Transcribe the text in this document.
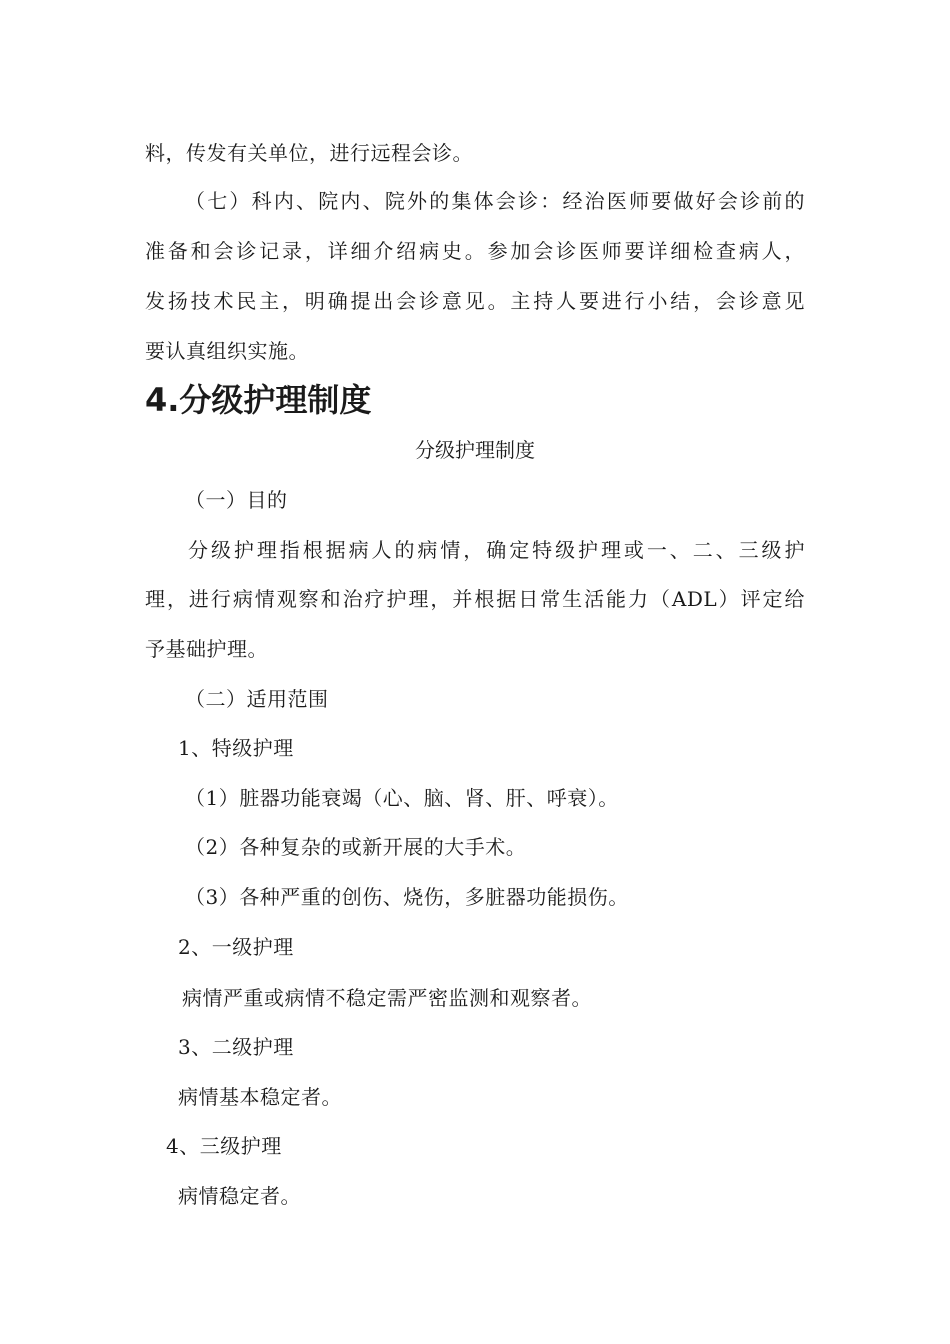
料，传发有关单位，进行远程会诊。
（七）科内、院内、院外的集体会诊：经治医师要做好会诊前的
准备和会诊记录，详细介绍病史。参加会诊医师要详细检查病人，
发扬技术民主，明确提出会诊意见。主持人要进行小结，会诊意见
要认真组织实施。
4.分级护理制度
分级护理制度
（一）目的
分级护理指根据病人的病情，确定特级护理或一、二、三级护
理，进行病情观察和治疗护理，并根据日常生活能力（ADL）评定给
予基础护理。
（二）适用范围
1、特级护理
（1）脏器功能衰竭（心、脑、肾、肝、呼衰）。
（2）各种复杂的或新开展的大手术。
（3）各种严重的创伤、烧伤，多脏器功能损伤。
2、一级护理
病情严重或病情不稳定需严密监测和观察者。
3、二级护理
病情基本稳定者。
4、三级护理
病情稳定者。
